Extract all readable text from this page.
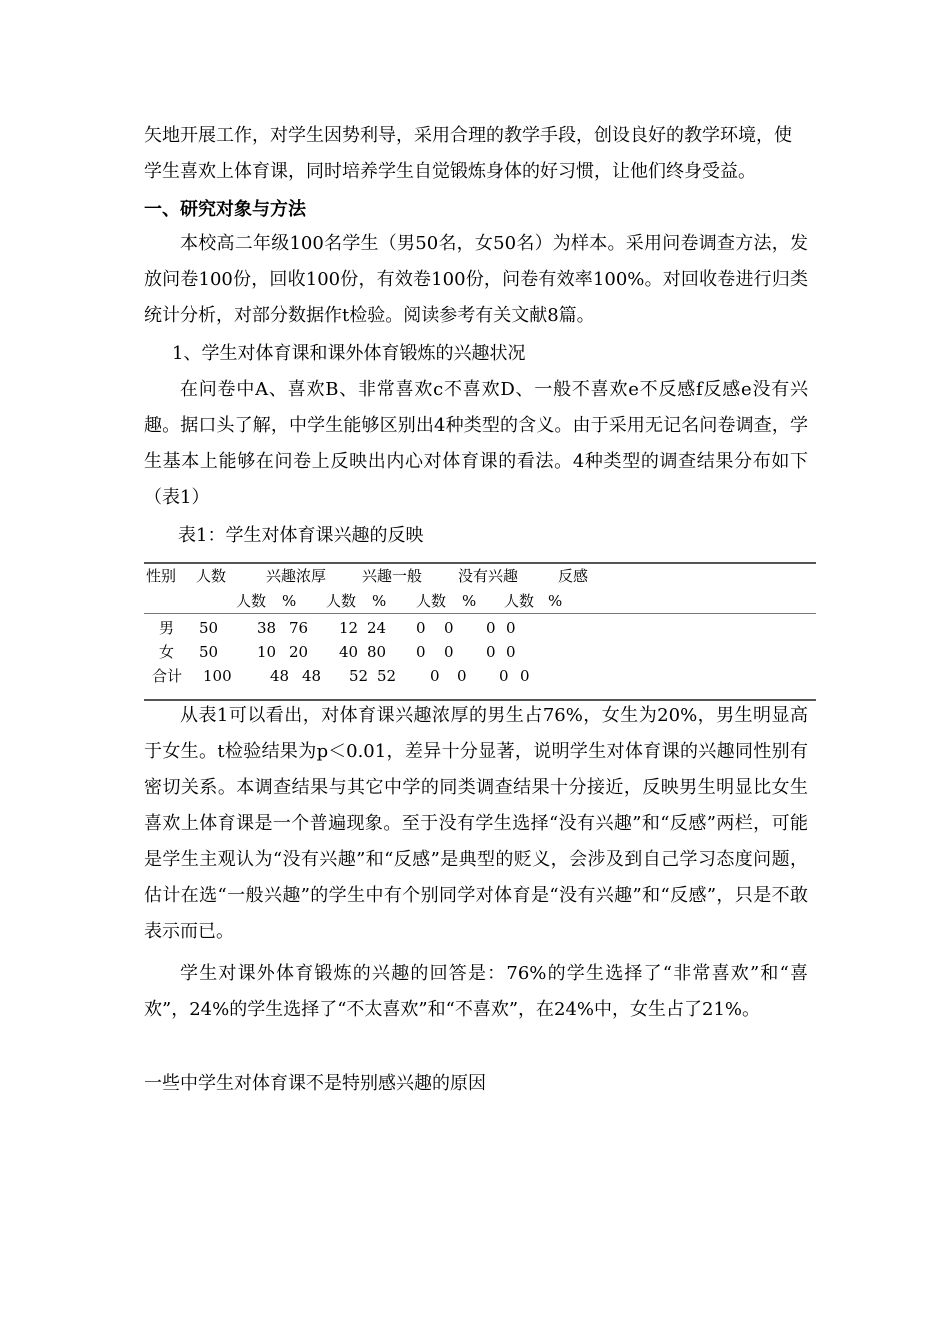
矢地开展工作，对学生因势利导，采用合理的教学手段，创设良好的教学环境，使
学生喜欢上体育课，同时培养学生自觉锻炼身体的好习惯，让他们终身受益。
一、研究对象与方法
本校高二年级100名学生（男50名，女50名）为样本。采用问卷调查方法，发放问卷100份，回收100份，有效卷100份，问卷有效率100%。对回收卷进行归类统计分析，对部分数据作t检验。阅读参考有关文献8篇。
1、学生对体育课和课外体育锻炼的兴趣状况
在问卷中A、喜欢B、非常喜欢c不喜欢D、一般不喜欢e不反感f反感e没有兴趣。据口头了解，中学生能够区别出4种类型的含义。由于采用无记名问卷调查，学生基本上能够在问卷上反映出内心对体育课的看法。4种类型的调查结果分布如下（表1）
表1：学生对体育课兴趣的反映
性别 人数	兴趣浓厚 兴趣一般 没有兴趣	反感
人数 % 人数 % 人数 % 人数 %
男 50	38 76 12 24 0 0 0 0
女 50	10 20 40 80 0 0 0 0
合计 100	48 48 52 52 0 0 0 0
从表1可以看出，对体育课兴趣浓厚的男生占76%，女生为20%，男生明显高于女生。t检验结果为p＜0.01，差异十分显著，说明学生对体育课的兴趣同性别有密切关系。本调查结果与其它中学的同类调查结果十分接近，反映男生明显比女生喜欢上体育课是一个普遍现象。至于没有学生选择“没有兴趣”和“反感”两栏，可能是学生主观认为“没有兴趣”和“反感”是典型的贬义，会涉及到自己学习态度问题，估计在选“一般兴趣”的学生中有个别同学对体育是“没有兴趣”和“反感”，只是不敢表示而已。
学生对课外体育锻炼的兴趣的回答是：76%的学生选择了“非常喜欢”和“喜欢”，24%的学生选择了“不太喜欢”和“不喜欢”，在24%中，女生占了21%。
一些中学生对体育课不是特别感兴趣的原因
